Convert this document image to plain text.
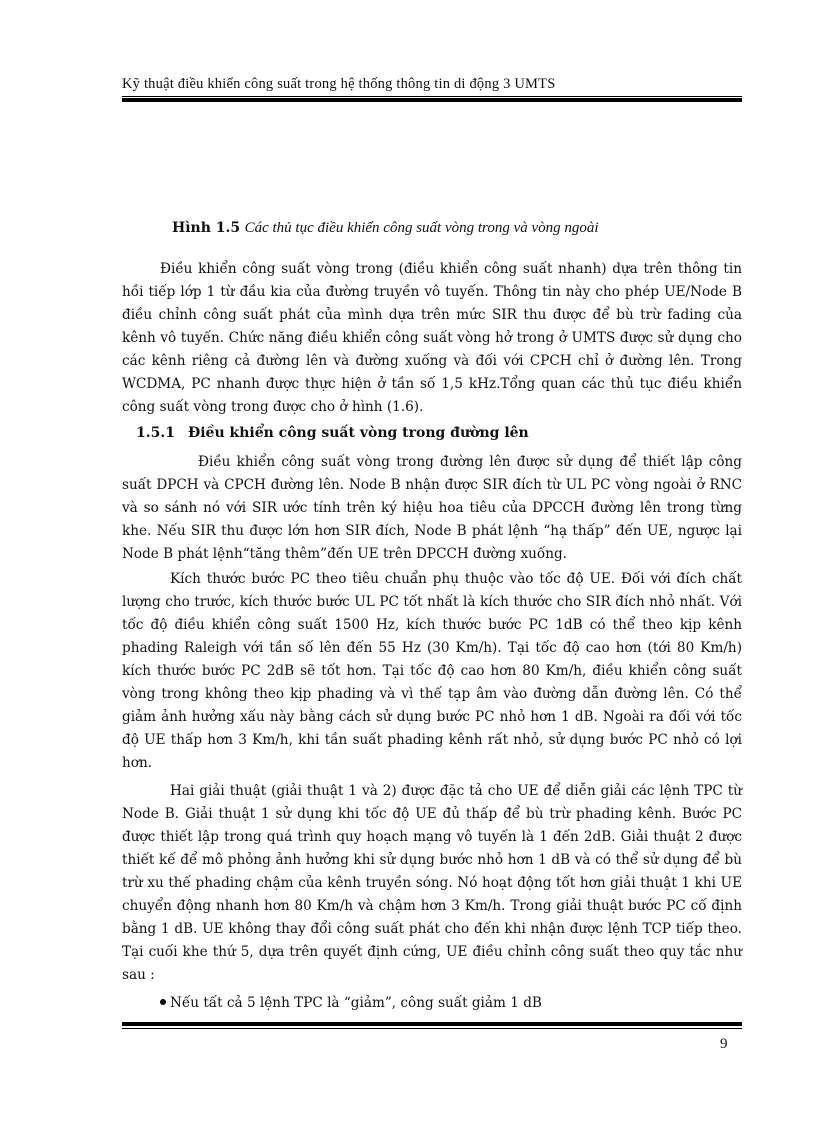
Kỹ thuật điều khiển công suất trong hệ thống thông tin di động 3 UMTS
Hình 1.5 Các thủ tục điều khiển công suất vòng trong và vòng ngoài

Điều khiển công suất vòng trong (điều khiển công suất nhanh) dựa trên thông tin hồi tiếp lớp 1 từ đầu kia của đường truyền vô tuyến. Thông tin này cho phép UE/Node B điều chỉnh công suất phát của mình dựa trên mức SIR thu được để bù trừ fading của kênh vô tuyến. Chức năng điều khiển công suất vòng hở trong ở UMTS được sử dụng cho các kênh riêng cả đường lên và đường xuống và đối với CPCH chỉ ở đường lên. Trong WCDMA, PC nhanh được thực hiện ở tần số 1,5 kHz.Tổng quan các thủ tục điều khiển công suất vòng trong được cho ở hình (1.6).

1.5.1 Điều khiển công suất vòng trong đường lên

Điều khiển công suất vòng trong đường lên được sử dụng để thiết lập công suất DPCH và CPCH đường lên. Node B nhận được SIR đích từ UL PC vòng ngoài ở RNC và so sánh nó với SIR ước tính trên ký hiệu hoa tiêu của DPCCH đường lên trong từng khe. Nếu SIR thu được lớn hơn SIR đích, Node B phát lệnh “hạ thấp” đến UE, ngược lại Node B phát lệnh“tăng thêm”đến UE trên DPCCH đường xuống.

Kích thước bước PC theo tiêu chuẩn phụ thuộc vào tốc độ UE. Đối với đích chất lượng cho trước, kích thước bước UL PC tốt nhất là kích thước cho SIR đích nhỏ nhất. Với tốc độ điều khiển công suất 1500 Hz, kích thước bước PC 1dB có thể theo kịp kênh phading Raleigh với tần số lên đến 55 Hz (30 Km/h). Tại tốc độ cao hơn (tới 80 Km/h) kích thước bước PC 2dB sẽ tốt hơn. Tại tốc độ cao hơn 80 Km/h, điều khiển công suất vòng trong không theo kịp phading và vì thế tạp âm vào đường dẫn đường lên. Có thể giảm ảnh hưởng xấu này bằng cách sử dụng bước PC nhỏ hơn 1 dB. Ngoài ra đối với tốc độ UE thấp hơn 3 Km/h, khi tần suất phading kênh rất nhỏ, sử dụng bước PC nhỏ có lợi hơn.

Hai giải thuật (giải thuật 1 và 2) được đặc tả cho UE để diễn giải các lệnh TPC từ Node B. Giải thuật 1 sử dụng khi tốc độ UE đủ thấp để bù trừ phading kênh. Bước PC được thiết lập trong quá trình quy hoạch mạng vô tuyến là 1 đến 2dB. Giải thuật 2 được thiết kế để mô phỏng ảnh hưởng khi sử dụng bước nhỏ hơn 1 dB và có thể sử dụng để bù trừ xu thế phading chậm của kênh truyền sóng. Nó hoạt động tốt hơn giải thuật 1 khi UE chuyển động nhanh hơn 80 Km/h và chậm hơn 3 Km/h. Trong giải thuật bước PC cố định bằng 1 dB. UE không thay đổi công suất phát cho đến khi nhận được lệnh TCP tiếp theo. Tại cuối khe thứ 5, dựa trên quyết định cứng, UE điều chỉnh công suất theo quy tắc như sau :

Nếu tất cả 5 lệnh TPC là “giảm”, công suất giảm 1 dB
9
